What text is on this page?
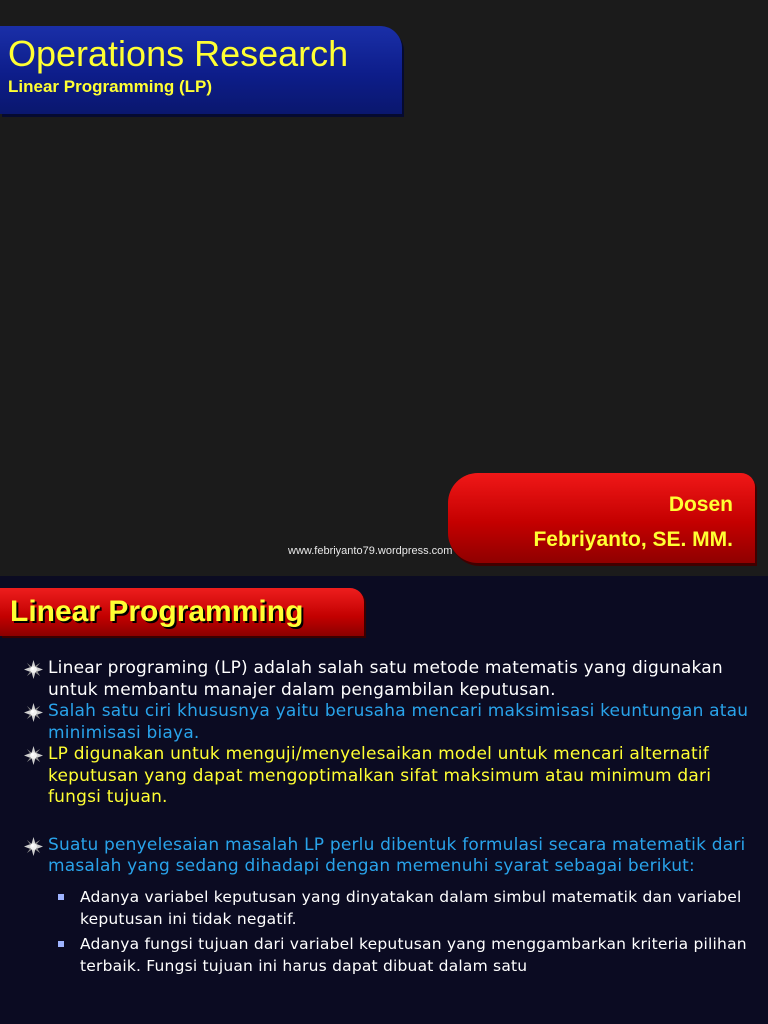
Operations Research
Linear Programming (LP)
Dosen
Febriyanto, SE. MM.
www.febriyanto79.wordpress.com
Linear Programming
Linear programing (LP) adalah salah satu metode matematis yang digunakan untuk membantu manajer dalam pengambilan keputusan.
Salah satu ciri khususnya yaitu berusaha mencari maksimisasi keuntungan atau minimisasi biaya.
LP digunakan untuk menguji/menyelesaikan model untuk mencari alternatif keputusan yang dapat mengoptimalkan sifat maksimum atau minimum dari fungsi tujuan.
Suatu penyelesaian masalah LP perlu dibentuk formulasi secara matematik dari masalah yang sedang dihadapi dengan memenuhi syarat sebagai berikut:
Adanya variabel keputusan yang dinyatakan dalam simbul matematik dan variabel keputusan ini tidak negatif.
Adanya fungsi tujuan dari variabel keputusan yang menggambarkan kriteria pilihan terbaik. Fungsi tujuan ini harus dapat dibuat dalam satu
